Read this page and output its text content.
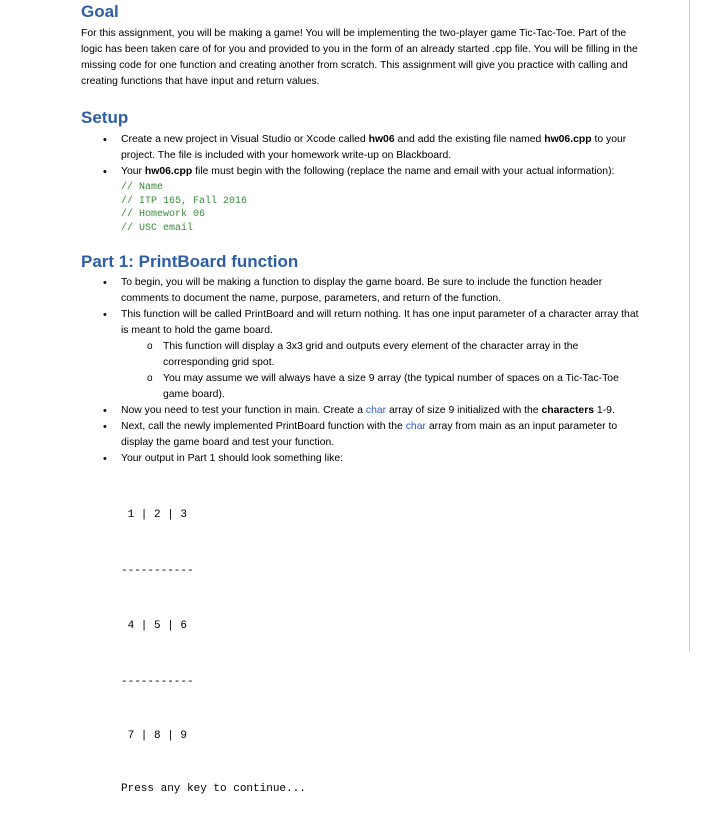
Goal

For this assignment, you will be making a game! You will be implementing the two-player game Tic-Tac-Toe. Part of the logic has been taken care of for you and provided to you in the form of an already started .cpp file. You will be filling in the missing code for one function and creating another from scratch. This assignment will give you practice with calling and creating functions that have input and return values.

Setup
• Create a new project in Visual Studio or Xcode called hw06 and add the existing file named hw06.cpp to your project. The file is included with your homework write-up on Blackboard.
• Your hw06.cpp file must begin with the following (replace the name and email with your actual information):
// Name
// ITP 165, Fall 2016
// Homework 06
// USC email
Part 1: PrintBoard function
• To begin, you will be making a function to display the game board. Be sure to include the function header comments to document the name, purpose, parameters, and return of the function.
• This function will be called PrintBoard and will return nothing. It has one input parameter of a character array that is meant to hold the game board.
o This function will display a 3x3 grid and outputs every element of the character array in the corresponding grid spot.
o You may assume we will always have a size 9 array (the typical number of spaces on a Tic-Tac-Toe game board).
• Now you need to test your function in main. Create a char array of size 9 initialized with the characters 1-9.
• Next, call the newly implemented PrintBoard function with the char array from main as an input parameter to display the game board and test your function.
• Your output in Part 1 should look something like:

1 | 2 | 3

-----------

4 | 5 | 6

-----------

7 | 8 | 9

Press any key to continue...
